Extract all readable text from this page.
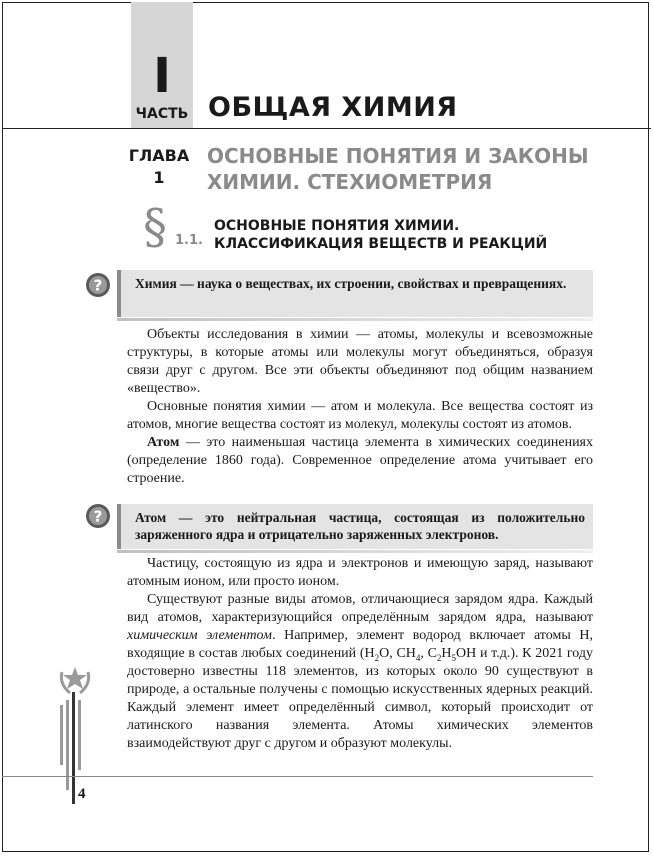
I
ЧАСТЬ ОБЩАЯ ХИМИЯ
ГЛАВА
1
ОСНОВНЫЕ ПОНЯТИЯ И ЗАКОНЫ
ХИМИИ. СТЕХИОМЕТРИЯ
§ 1.1.
ОСНОВНЫЕ ПОНЯТИЯ ХИМИИ.
КЛАССИФИКАЦИЯ ВЕЩЕСТВ И РЕАКЦИЙ
?	Химия — наука о веществах, их строении, свойствах и превращениях.

Объекты исследования в химии — атомы, молекулы и всевозможные структуры, в которые атомы или молекулы могут объединяться, образуя связи друг с другом. Все эти объекты объединяют под общим названием «вещество».

Основные понятия химии — атом и молекула. Все вещества состоят из атомов, многие вещества состоят из молекул, молекулы состоят из атомов.

Атом — это наименьшая частица элемента в химических соединениях (определение 1860 года). Современное определение атома учитывает его строение.

?	Атом — это нейтральная частица, состоящая из положительно заряженного ядра и отрицательно заряженных электронов.

Частицу, состоящую из ядра и электронов и имеющую заряд, называют атомным ионом, или просто ионом.

Существуют разные виды атомов, отличающиеся зарядом ядра. Каждый вид атомов, характеризующийся определённым зарядом ядра, называют химическим элементом. Например, элемент водород включает атомы H, входящие в состав любых соединений ($H_2O$, $CH_4$, $C_2H_5OH$ и т.д.). К 2021 году достоверно известны 118 элементов, из которых около 90 существуют в природе, а остальные получены с помощью искусственных ядерных реакций. Каждый элемент имеет определённый символ, который происходит от латинского названия элемента. Атомы химических элементов взаимодействуют друг с другом и образуют молекулы.

4
